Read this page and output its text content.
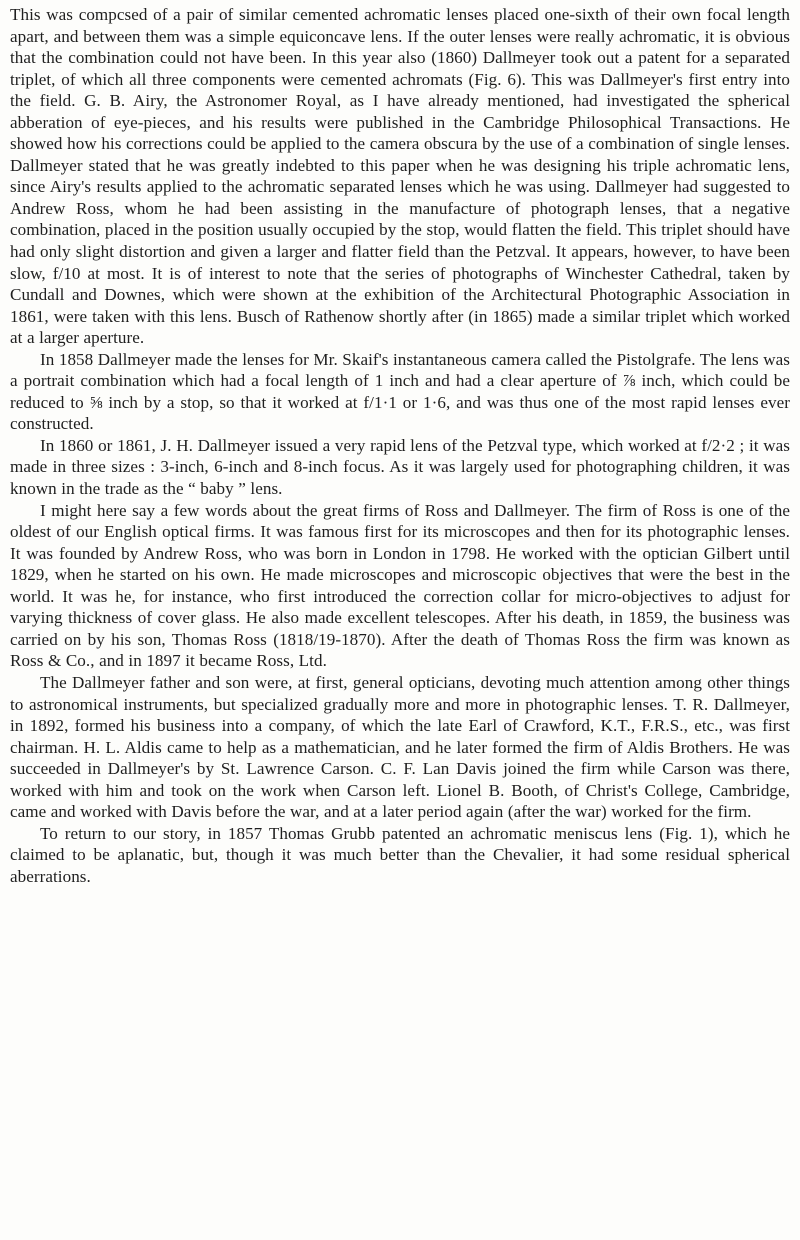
This was compcsed of a pair of similar cemented achromatic lenses placed one-sixth of their own focal length apart, and between them was a simple equiconcave lens. If the outer lenses were really achromatic, it is obvious that the combination could not have been. In this year also (1860) Dallmeyer took out a patent for a separated triplet, of which all three components were cemented achromats (Fig. 6). This was Dallmeyer's first entry into the field. G. B. Airy, the Astronomer Royal, as I have already mentioned, had investigated the spherical abberation of eye-pieces, and his results were published in the Cambridge Philosophical Transactions. He showed how his corrections could be applied to the camera obscura by the use of a combination of single lenses. Dallmeyer stated that he was greatly indebted to this paper when he was designing his triple achromatic lens, since Airy's results applied to the achromatic separated lenses which he was using. Dallmeyer had suggested to Andrew Ross, whom he had been assisting in the manufacture of photograph lenses, that a negative combination, placed in the position usually occupied by the stop, would flatten the field. This triplet should have had only slight distortion and given a larger and flatter field than the Petzval. It appears, however, to have been slow, f/10 at most. It is of interest to note that the series of photographs of Winchester Cathedral, taken by Cundall and Downes, which were shown at the exhibition of the Architectural Photographic Association in 1861, were taken with this lens. Busch of Rathenow shortly after (in 1865) made a similar triplet which worked at a larger aperture.

In 1858 Dallmeyer made the lenses for Mr. Skaif's instantaneous camera called the Pistolgrafe. The lens was a portrait combination which had a focal length of 1 inch and had a clear aperture of ⅞ inch, which could be reduced to ⅝ inch by a stop, so that it worked at f/1·1 or 1·6, and was thus one of the most rapid lenses ever constructed.

In 1860 or 1861, J. H. Dallmeyer issued a very rapid lens of the Petzval type, which worked at f/2·2 ; it was made in three sizes : 3-inch, 6-inch and 8-inch focus. As it was largely used for photographing children, it was known in the trade as the “ baby ” lens.

I might here say a few words about the great firms of Ross and Dallmeyer. The firm of Ross is one of the oldest of our English optical firms. It was famous first for its microscopes and then for its photographic lenses. It was founded by Andrew Ross, who was born in London in 1798. He worked with the optician Gilbert until 1829, when he started on his own. He made microscopes and microscopic objectives that were the best in the world. It was he, for instance, who first introduced the correction collar for micro-objectives to adjust for varying thickness of cover glass. He also made excellent telescopes. After his death, in 1859, the business was carried on by his son, Thomas Ross (1818/19-1870). After the death of Thomas Ross the firm was known as Ross & Co., and in 1897 it became Ross, Ltd.

The Dallmeyer father and son were, at first, general opticians, devoting much attention among other things to astronomical instruments, but specialized gradually more and more in photographic lenses. T. R. Dallmeyer, in 1892, formed his business into a company, of which the late Earl of Crawford, K.T., F.R.S., etc., was first chairman. H. L. Aldis came to help as a mathematician, and he later formed the firm of Aldis Brothers. He was succeeded in Dallmeyer's by St. Lawrence Carson. C. F. Lan Davis joined the firm while Carson was there, worked with him and took on the work when Carson left. Lionel B. Booth, of Christ's College, Cambridge, came and worked with Davis before the war, and at a later period again (after the war) worked for the firm.

To return to our story, in 1857 Thomas Grubb patented an achromatic meniscus lens (Fig. 1), which he claimed to be aplanatic, but, though it was much better than the Chevalier, it had some residual spherical aberrations.
